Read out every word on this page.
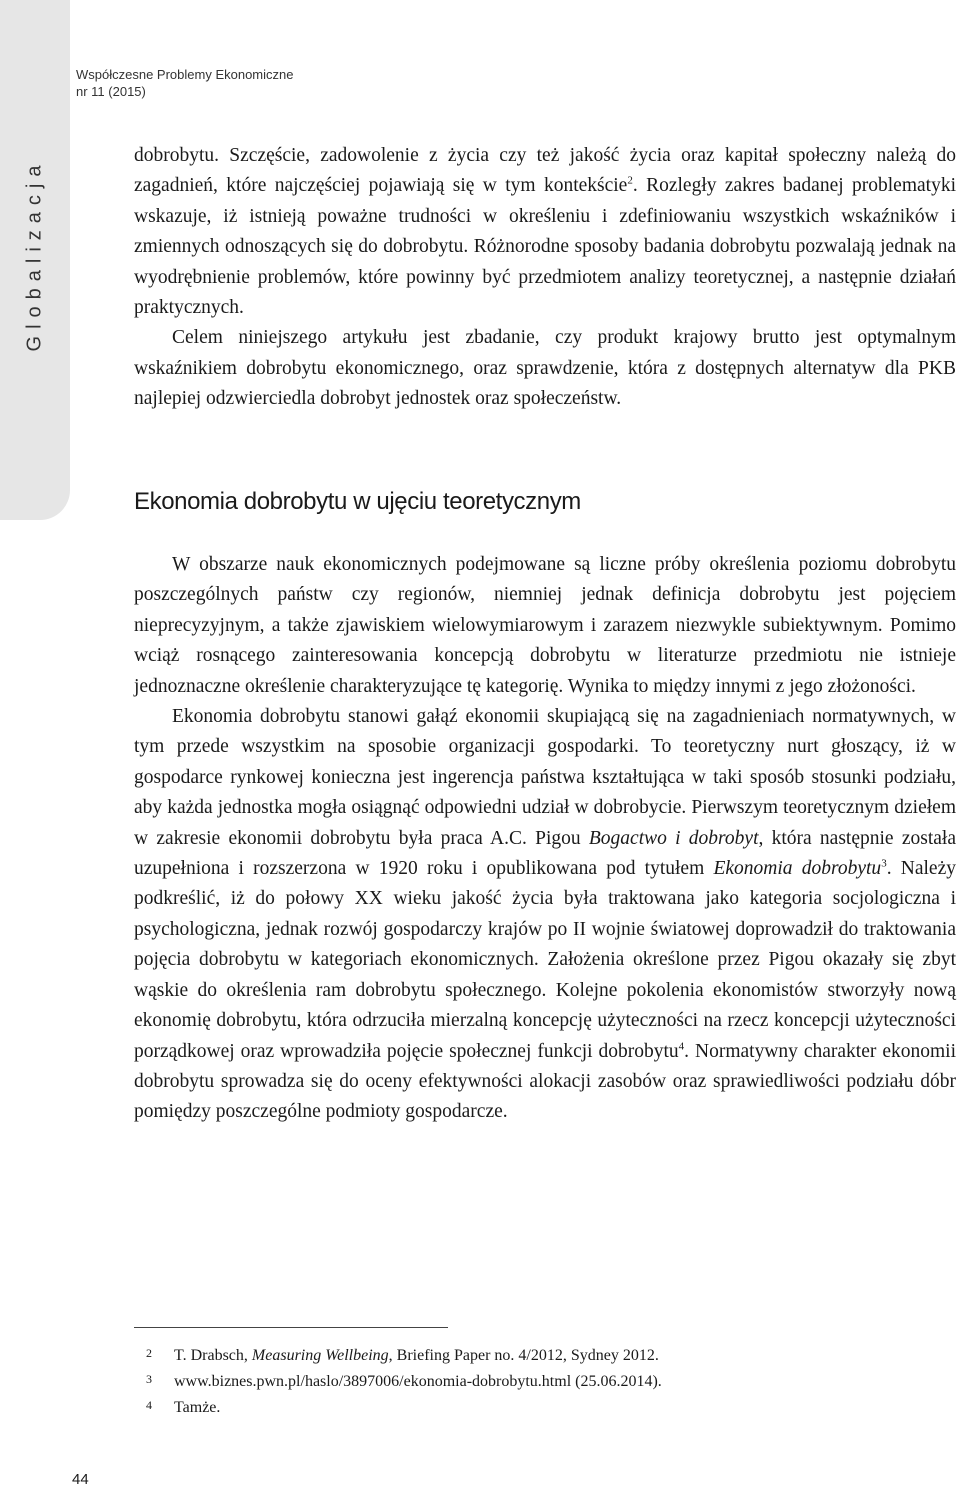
Globalizacja
Współczesne Problemy Ekonomiczne
nr 11 (2015)

dobrobytu. Szczęście, zadowolenie z życia czy też jakość życia oraz kapitał społeczny należą do zagadnień, które najczęściej pojawiają się w tym kontekście$^2$. Rozległy zakres badanej problematyki wskazuje, iż istnieją poważne trudności w określeniu i zdefiniowaniu wszystkich wskaźników i zmiennych odnoszących się do dobrobytu. Różnorodne sposoby badania dobrobytu pozwalają jednak na wyodrębnienie problemów, które powinny być przedmiotem analizy teoretycznej, a następnie działań praktycznych.

Celem niniejszego artykułu jest zbadanie, czy produkt krajowy brutto jest optymalnym wskaźnikiem dobrobytu ekonomicznego, oraz sprawdzenie, która z dostępnych alternatyw dla PKB najlepiej odzwierciedla dobrobyt jednostek oraz społeczeństw.

Ekonomia dobrobytu w ujęciu teoretycznym

W obszarze nauk ekonomicznych podejmowane są liczne próby określenia poziomu dobrobytu poszczególnych państw czy regionów, niemniej jednak definicja dobrobytu jest pojęciem nieprecyzyjnym, a także zjawiskiem wielowymiarowym i zarazem niezwykle subiektywnym. Pomimo wciąż rosnącego zainteresowania koncepcją dobrobytu w literaturze przedmiotu nie istnieje jednoznaczne określenie charakteryzujące tę kategorię. Wynika to między innymi z jego złożoności.

Ekonomia dobrobytu stanowi gałąź ekonomii skupiającą się na zagadnieniach normatywnych, w tym przede wszystkim na sposobie organizacji gospodarki. To teoretyczny nurt głoszący, iż w gospodarce rynkowej konieczna jest ingerencja państwa kształtująca w taki sposób stosunki podziału, aby każda jednostka mogła osiągnąć odpowiedni udział w dobrobycie. Pierwszym teoretycznym dziełem w zakresie ekonomii dobrobytu była praca A.C. Pigou Bogactwo i dobrobyt, która następnie została uzupełniona i rozszerzona w 1920 roku i opublikowana pod tytułem Ekonomia dobrobytu$^3$. Należy podkreślić, iż do połowy XX wieku jakość życia była traktowana jako kategoria socjologiczna i psychologiczna, jednak rozwój gospodarczy krajów po II wojnie światowej doprowadził do traktowania pojęcia dobrobytu w kategoriach ekonomicznych. Założenia określone przez Pigou okazały się zbyt wąskie do określenia ram dobrobytu społecznego. Kolejne pokolenia ekonomistów stworzyły nową ekonomię dobrobytu, która odrzuciła mierzalną koncepcję użyteczności na rzecz koncepcji użyteczności porządkowej oraz wprowadziła pojęcie społecznej funkcji dobrobytu$^4$. Normatywny charakter ekonomii dobrobytu sprowadza się do oceny efektywności alokacji zasobów oraz sprawiedliwości podziału dóbr pomiędzy poszczególne podmioty gospodarcze.

2	T. Drabsch, Measuring Wellbeing, Briefing Paper no. 4/2012, Sydney 2012.
3	www.biznes.pwn.pl/haslo/3897006/ekonomia-dobrobytu.html (25.06.2014).
4	Tamże.
44
